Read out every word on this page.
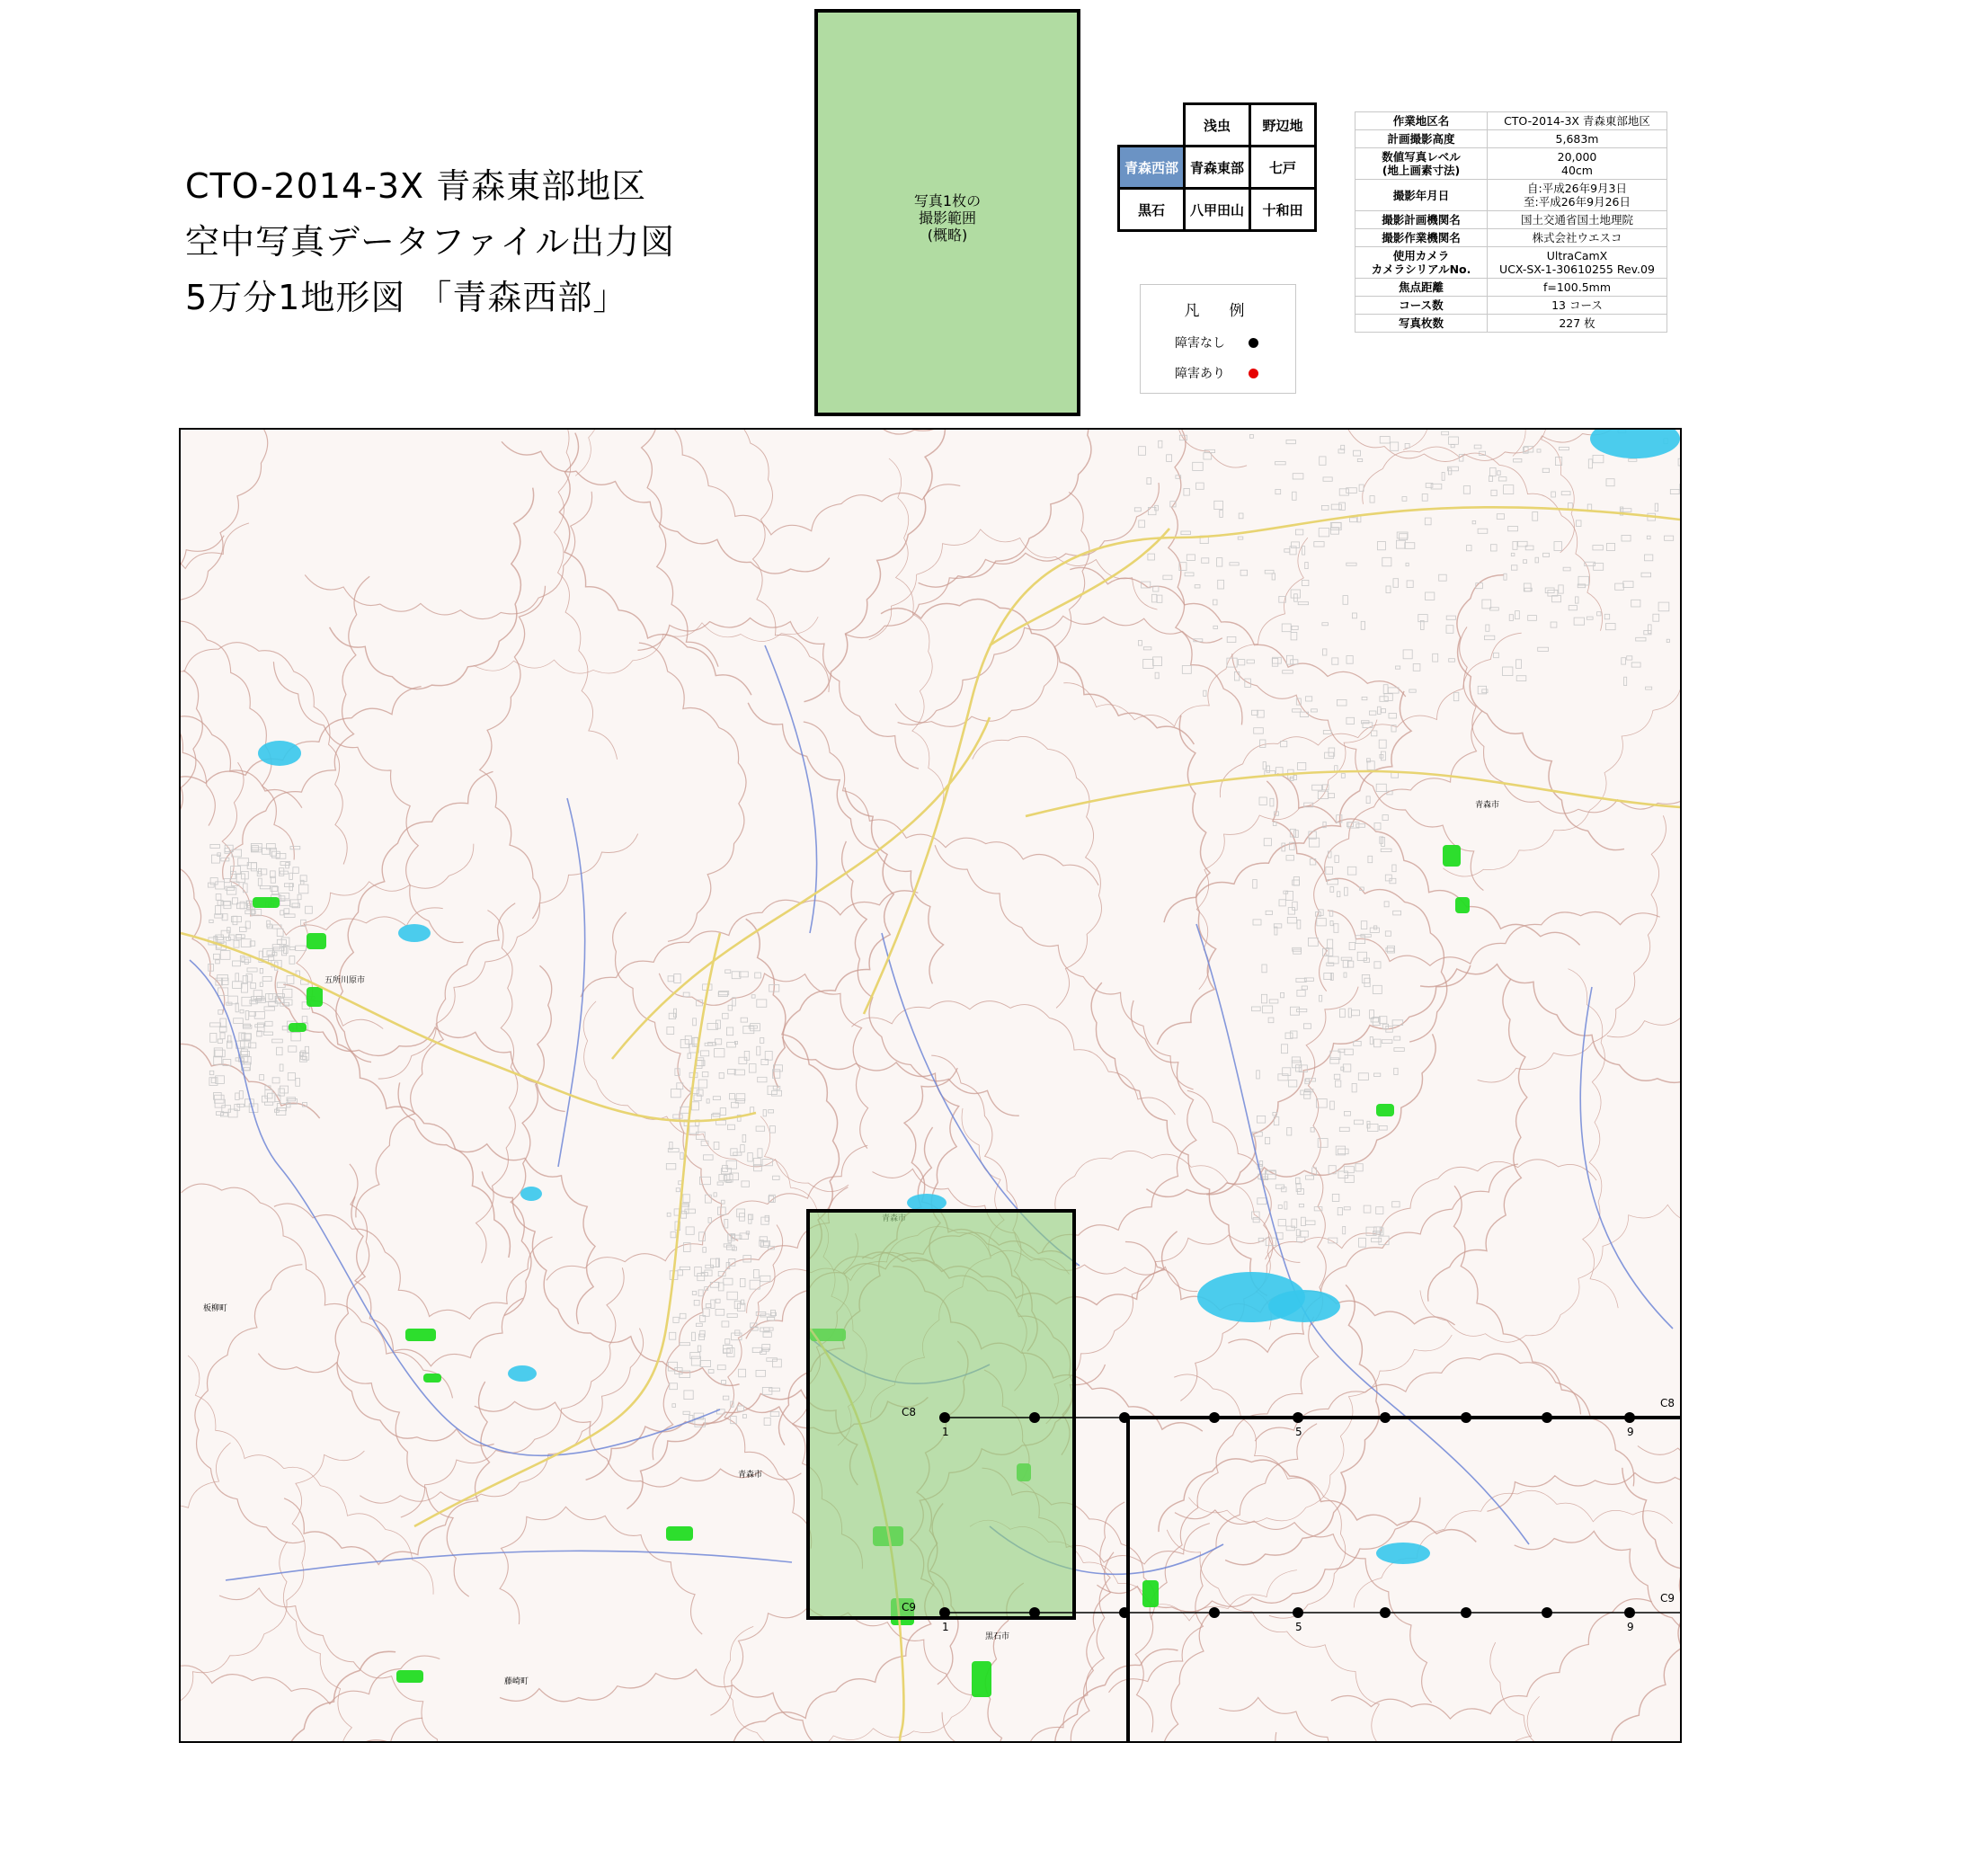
CTO-2014-3X 青森東部地区
空中写真データファイル出力図
5万分1地形図 「青森西部」
写真1枚の
撮影範囲
(概略)
	浅虫	野辺地
青森西部	青森東部	七戸
黒石	八甲田山	十和田
凡　例
障害なし
障害あり
作業地区名	CTO-2014-3X 青森東部地区
計画撮影高度	5,683m
数値写真レベル
(地上画素寸法)	20,000
40cm
撮影年月日	自:平成26年9月3日
至:平成26年9月26日
撮影計画機関名	国土交通省国土地理院
撮影作業機関名	株式会社ウエスコ
使用カメラ
カメラシリアルNo.	UltraCamX
UCX-SX-1-30610255 Rev.09
焦点距離	f=100.5mm
コース数	13 コース
写真枚数	227 枚
青森市
青森市
黒石市
五所川原市
板柳町
藤崎町
C8
C8
1	5	9
C9
C9
1	5	9
